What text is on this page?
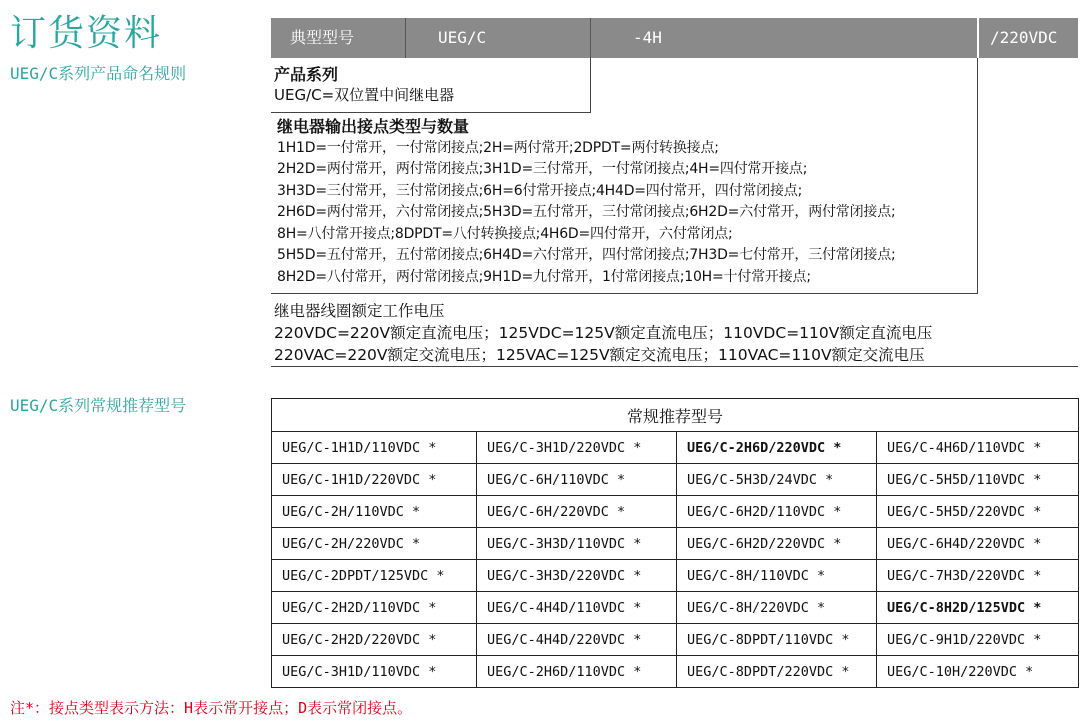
订货资料
UEG/C系列产品命名规则
UEG/C系列常规推荐型号
典型型号	UEG/C	-4H	/220VDC
产品系列
UEG/C=双位置中间继电器
继电器输出接点类型与数量
1H1D=一付常开，一付常闭接点;2H=两付常开;2DPDT=两付转换接点;
2H2D=两付常开，两付常闭接点;3H1D=三付常开，一付常闭接点;4H=四付常开接点;
3H3D=三付常开，三付常闭接点;6H=6付常开接点;4H4D=四付常开，四付常闭接点;
2H6D=两付常开，六付常闭接点;5H3D=五付常开，三付常闭接点;6H2D=六付常开，两付常闭接点;
8H=八付常开接点;8DPDT=八付转换接点;4H6D=四付常开，六付常闭点;
5H5D=五付常开，五付常闭接点;6H4D=六付常开，四付常闭接点;7H3D=七付常开，三付常闭接点;
8H2D=八付常开，两付常闭接点;9H1D=九付常开，1付常闭接点;10H=十付常开接点;
继电器线圈额定工作电压
220VDC=220V额定直流电压；125VDC=125V额定直流电压；110VDC=110V额定直流电压
220VAC=220V额定交流电压；125VAC=125V额定交流电压；110VAC=110V额定交流电压
常规推荐型号			
UEG/C-1H1D/110VDC *	UEG/C-3H1D/220VDC *	UEG/C-2H6D/220VDC *	UEG/C-4H6D/110VDC *
UEG/C-1H1D/220VDC *	UEG/C-6H/110VDC *	UEG/C-5H3D/24VDC *	UEG/C-5H5D/110VDC *
UEG/C-2H/110VDC *	UEG/C-6H/220VDC *	UEG/C-6H2D/110VDC *	UEG/C-5H5D/220VDC *
UEG/C-2H/220VDC *	UEG/C-3H3D/110VDC *	UEG/C-6H2D/220VDC *	UEG/C-6H4D/220VDC *
UEG/C-2DPDT/125VDC *	UEG/C-3H3D/220VDC *	UEG/C-8H/110VDC *	UEG/C-7H3D/220VDC *
UEG/C-2H2D/110VDC *	UEG/C-4H4D/110VDC *	UEG/C-8H/220VDC *	UEG/C-8H2D/125VDC *
UEG/C-2H2D/220VDC *	UEG/C-4H4D/220VDC *	UEG/C-8DPDT/110VDC *	UEG/C-9H1D/220VDC *
UEG/C-3H1D/110VDC *	UEG/C-2H6D/110VDC *	UEG/C-8DPDT/220VDC *	UEG/C-10H/220VDC *
注*：接点类型表示方法：H表示常开接点；D表示常闭接点。
